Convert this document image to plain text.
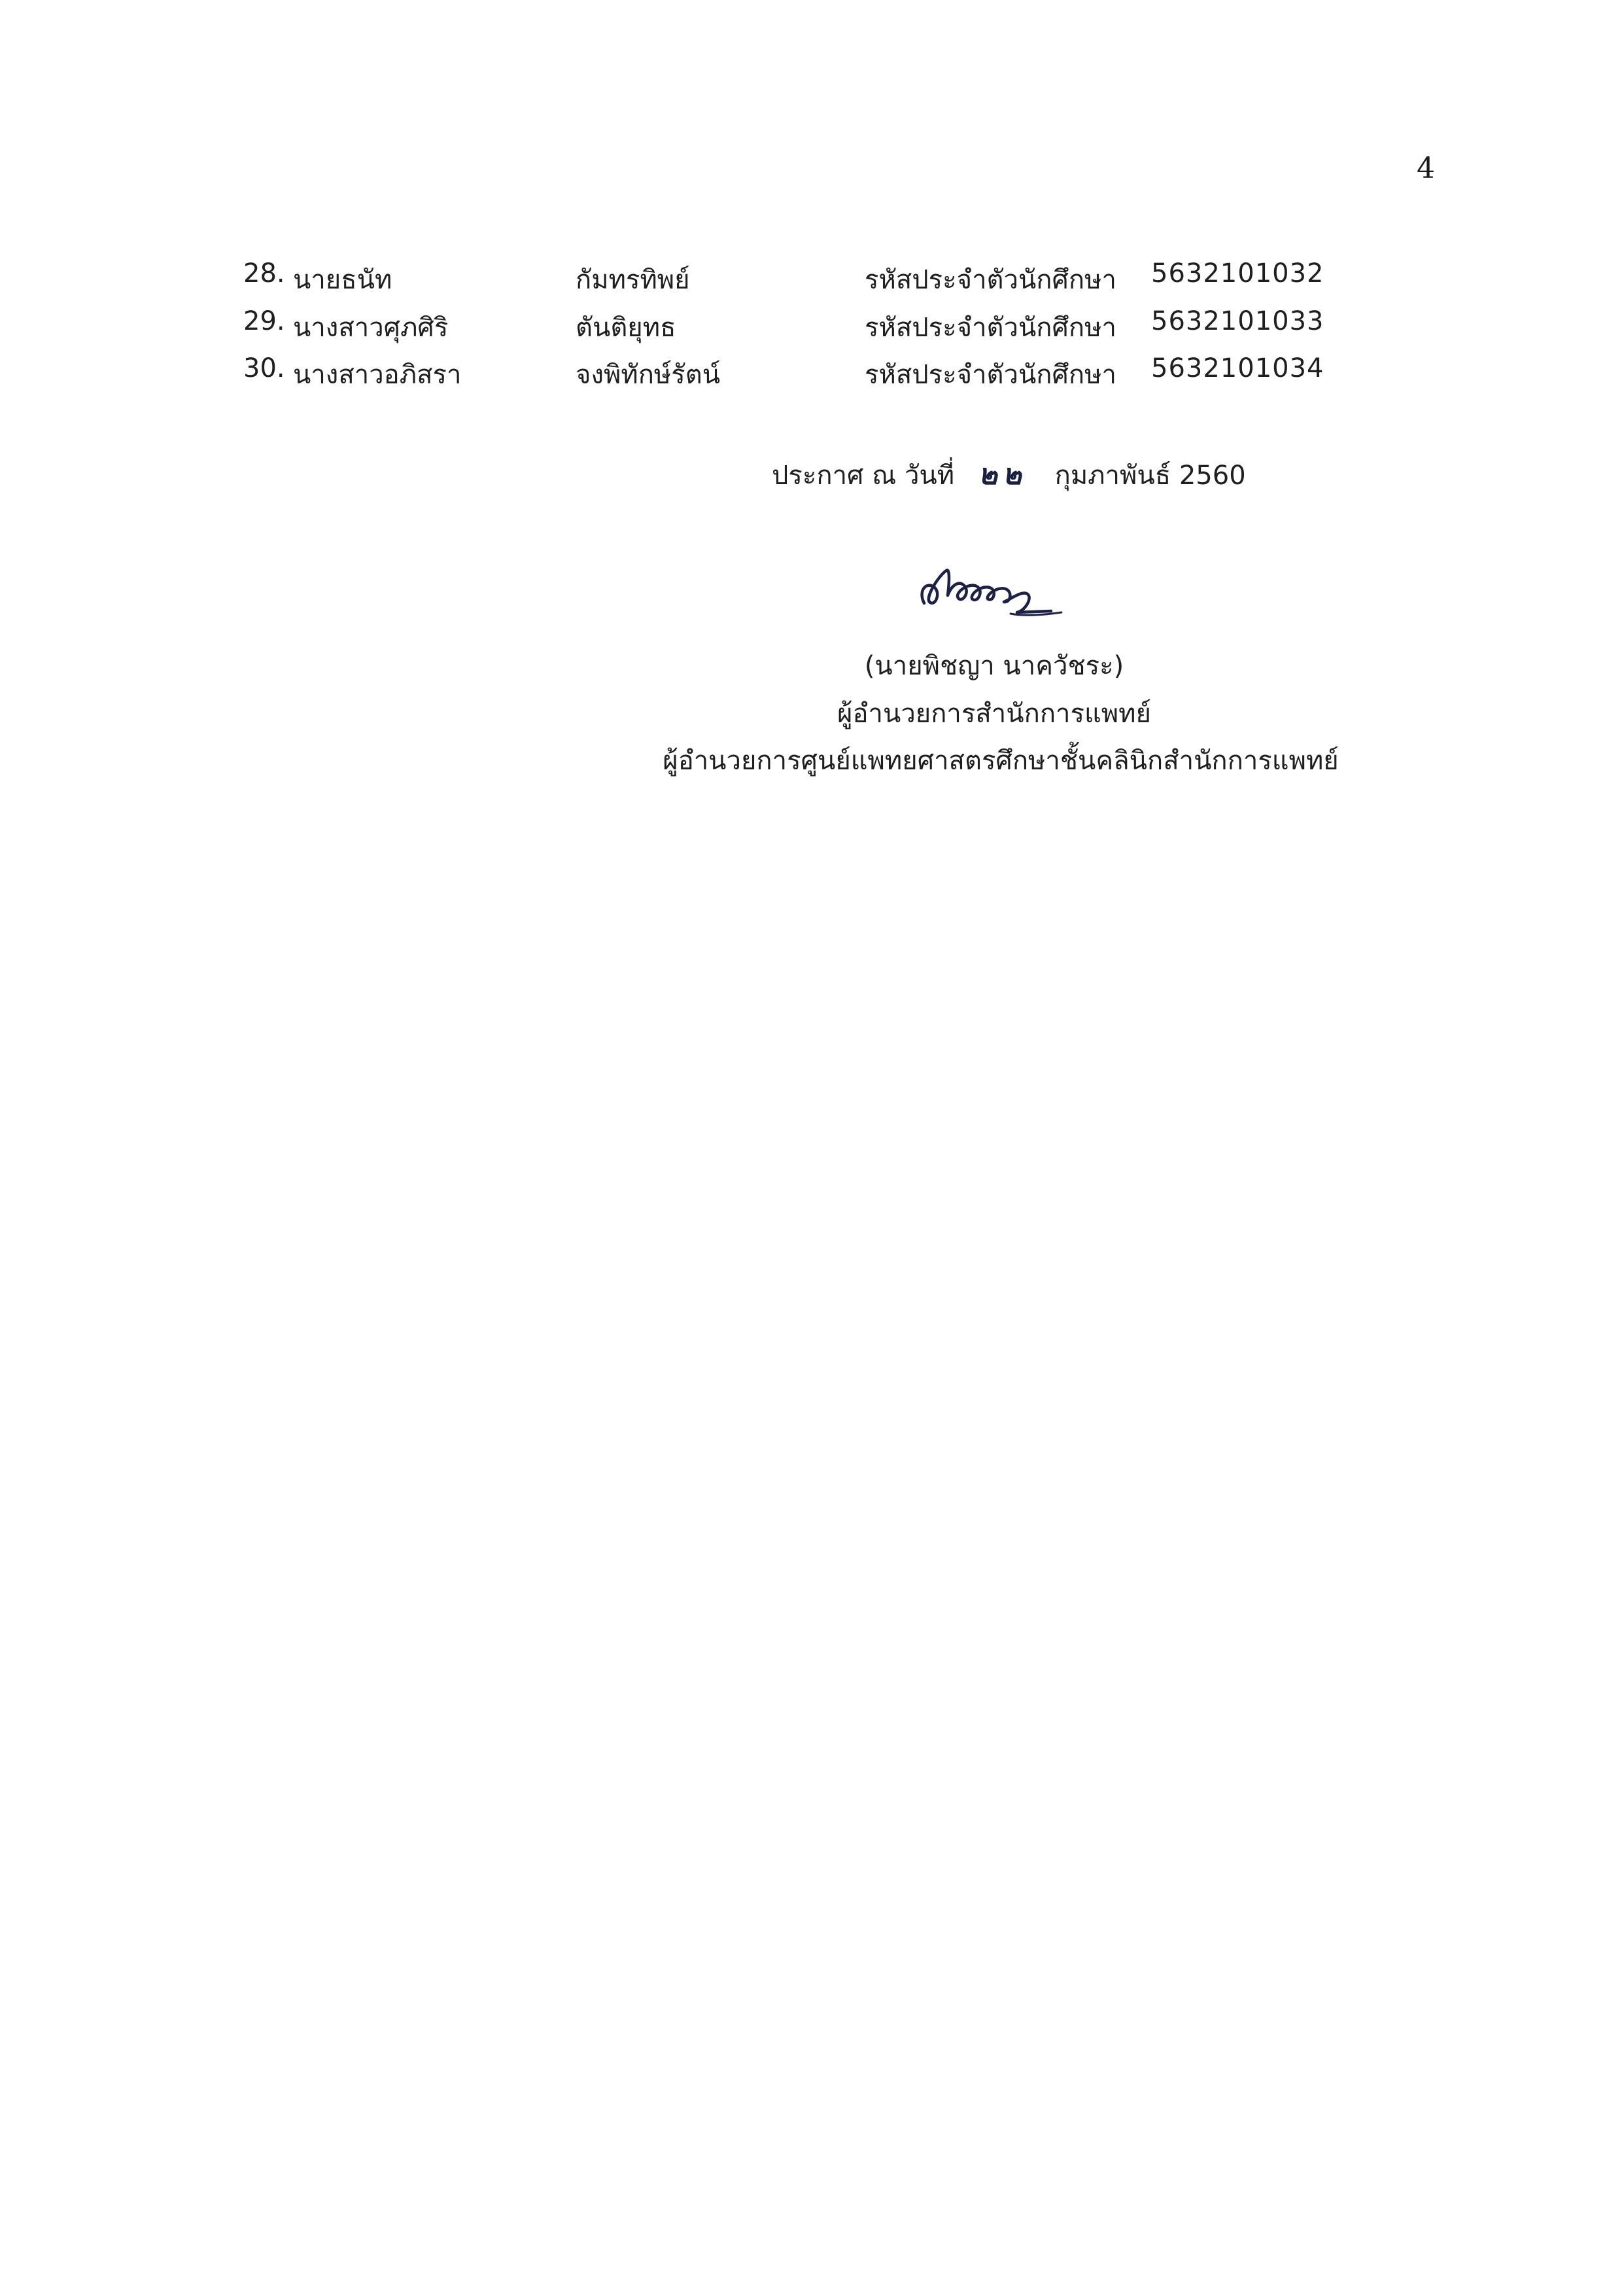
4
28. นายธนัท	กัมทรทิพย์	รหัสประจำตัวนักศึกษา 5632101032
29. นางสาวศุภศิริ	ตันติยุทธ	รหัสประจำตัวนักศึกษา 5632101033
30. นางสาวอภิสรา	จงพิทักษ์รัตน์	รหัสประจำตัวนักศึกษา 5632101034
ประกาศ ณ วันที่ ๒๒ กุมภาพันธ์ 2560
(นายพิชญา นาควัชระ)
ผู้อำนวยการสำนักการแพทย์
ผู้อำนวยการศูนย์แพทยศาสตรศึกษาชั้นคลินิกสำนักการแพทย์
